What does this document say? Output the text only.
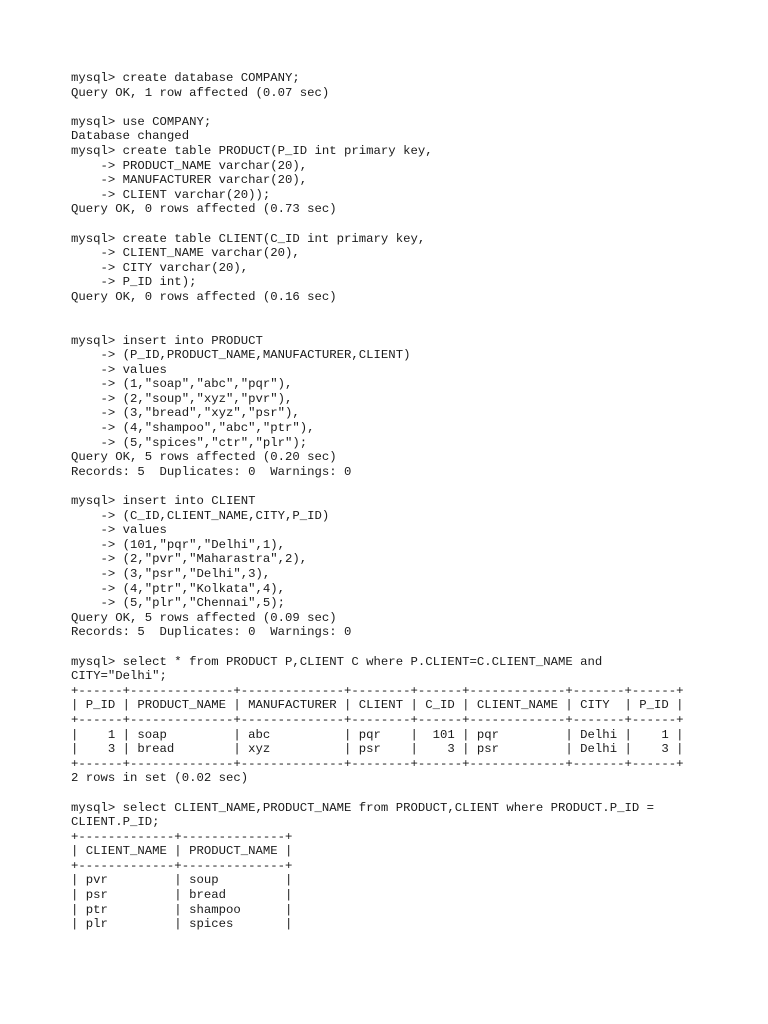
mysql> create database COMPANY;
Query OK, 1 row affected (0.07 sec)
mysql> use COMPANY;
Database changed
mysql> create table PRODUCT(P_ID int primary key,
-> PRODUCT_NAME varchar(20),
-> MANUFACTURER varchar(20),
-> CLIENT varchar(20));
Query OK, 0 rows affected (0.73 sec)
mysql> create table CLIENT(C_ID int primary key,
-> CLIENT_NAME varchar(20),
-> CITY varchar(20),
-> P_ID int);
Query OK, 0 rows affected (0.16 sec)
mysql> insert into PRODUCT
-> (P_ID,PRODUCT_NAME,MANUFACTURER,CLIENT)
-> values
-> (1,"soap","abc","pqr"),
-> (2,"soup","xyz","pvr"),
-> (3,"bread","xyz","psr"),
-> (4,"shampoo","abc","ptr"),
-> (5,"spices","ctr","plr");
Query OK, 5 rows affected (0.20 sec)
Records: 5  Duplicates: 0  Warnings: 0
mysql> insert into CLIENT
-> (C_ID,CLIENT_NAME,CITY,P_ID)
-> values
-> (101,"pqr","Delhi",1),
-> (2,"pvr","Maharastra",2),
-> (3,"psr","Delhi",3),
-> (4,"ptr","Kolkata",4),
-> (5,"plr","Chennai",5);
Query OK, 5 rows affected (0.09 sec)
Records: 5  Duplicates: 0  Warnings: 0
mysql> select * from PRODUCT P,CLIENT C where P.CLIENT=C.CLIENT_NAME and
CITY="Delhi";
+------+--------------+--------------+--------+------+-------------+-------+------+
| P_ID | PRODUCT_NAME | MANUFACTURER | CLIENT | C_ID | CLIENT_NAME | CITY  | P_ID |
+------+--------------+--------------+--------+------+-------------+-------+------+
|    1 | soap         | abc          | pqr    |  101 | pqr         | Delhi |    1 |
|    3 | bread        | xyz          | psr    |    3 | psr         | Delhi |    3 |
+------+--------------+--------------+--------+------+-------------+-------+------+
2 rows in set (0.02 sec)
mysql> select CLIENT_NAME,PRODUCT_NAME from PRODUCT,CLIENT where PRODUCT.P_ID =
CLIENT.P_ID;
+-------------+--------------+
| CLIENT_NAME | PRODUCT_NAME |
+-------------+--------------+
| pvr         | soup         |
| psr         | bread        |
| ptr         | shampoo      |
| plr         | spices       |
